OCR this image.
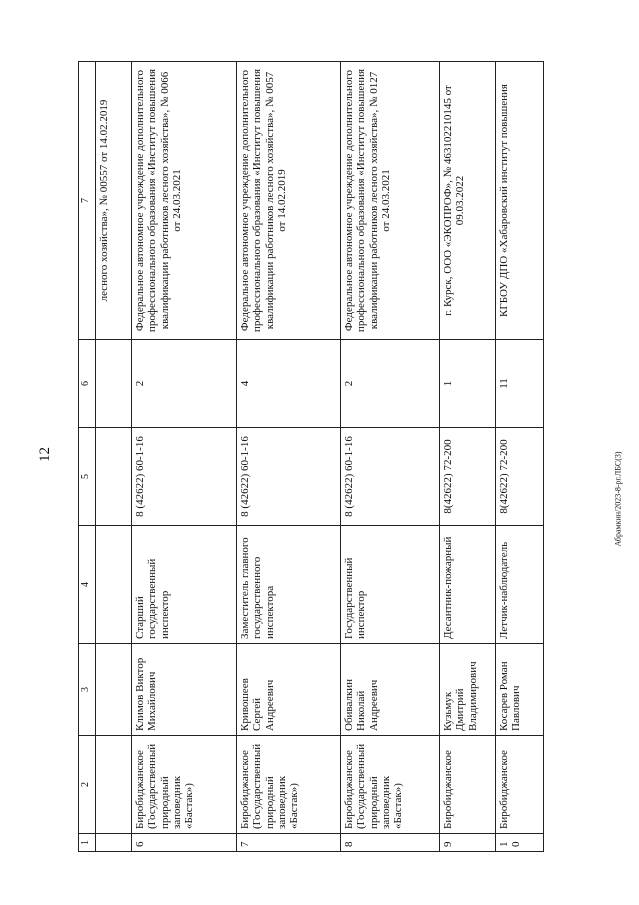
12	Абрамкин/2023-8-рг.ЛБС(3)
1	2	3	4	5	6	7
						лесного хозяйства», № 00557 от 14.02.2019
6	Биробиджанское (Государственный природный заповедник «Бастак»)	Климов Виктор Михайлович	Старший государственный инспектор	8 (42622) 60-1-16	2	Федеральное автономное учреждение дополнительного профессионального образования «Институт повышения квалификации работников лесного хозяйства», № 0066 от 24.03.2021
7	Биробиджанское (Государственный природный заповедник «Бастак»)	Кривошеев Сергей Андреевич	Заместитель главного государственного инспектора	8 (42622) 60-1-16	4	Федеральное автономное учреждение дополнительного профессионального образования «Институт повышения квалификации работников лесного хозяйства», № 0057 от 14.02.2019
8	Биробиджанское (Государственный природный заповедник «Бастак»)	Обивалкин Николай Андреевич	Государственный инспектор	8 (42622) 60-1-16	2	Федеральное автономное учреждение дополнительного профессионального образования «Институт повышения квалификации работников лесного хозяйства», № 0127 от 24.03.2021
9	Биробиджанское	Кузьмук Дмитрий Владимирович	Десантник-пожарный	8(42622) 72-200	1	г. Курск, ООО «ЭКОПРОФ», № 463102210145 от 09.03.2022
10	Биробиджанское	Косарев Роман Павлович	Летчик-наблюдатель	8(42622) 72-200	11	КГБОУ ДПО «Хабаровский институт повышения
